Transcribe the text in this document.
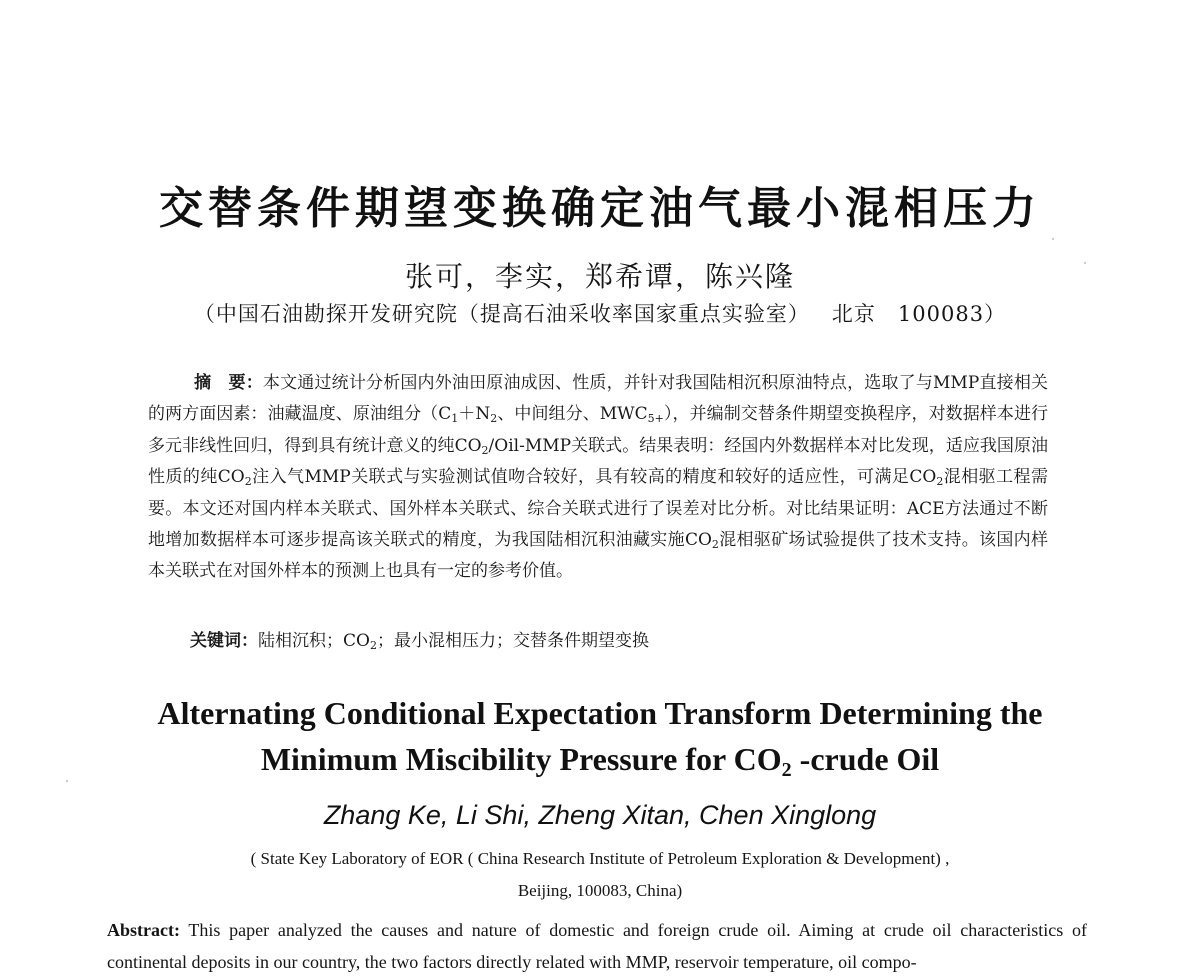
交替条件期望变换确定油气最小混相压力
张可，李实，郑希谭，陈兴隆
（中国石油勘探开发研究院（提高石油采收率国家重点实验室） 北京 100083）
摘　要：本文通过统计分析国内外油田原油成因、性质，并针对我国陆相沉积原油特点，选取了与MMP直接相关的两方面因素：油藏温度、原油组分（$C_1+N_2$、中间组分、$MWC_{5+}$），并编制交替条件期望变换程序，对数据样本进行多元非线性回归，得到具有统计意义的纯$CO_2/Oil$-MMP关联式。结果表明：经国内外数据样本对比发现，适应我国原油性质的纯$CO_2$注入气MMP关联式与实验测试值吻合较好，具有较高的精度和较好的适应性，可满足$CO_2$混相驱工程需要。本文还对国内样本关联式、国外样本关联式、综合关联式进行了误差对比分析。对比结果证明：ACE方法通过不断地增加数据样本可逐步提高该关联式的精度，为我国陆相沉积油藏实施$CO_2$混相驱矿场试验提供了技术支持。该国内样本关联式在对国外样本的预测上也具有一定的参考价值。
关键词：陆相沉积；$CO_2$；最小混相压力；交替条件期望变换
Alternating Conditional Expectation Transform Determining the
Minimum Miscibility Pressure for $CO_2$ -crude Oil
Zhang Ke, Li Shi, Zheng Xitan, Chen Xinglong
( State Key Laboratory of EOR ( China Research Institute of Petroleum Exploration & Development) ,
Beijing, 100083, China)
Abstract: This paper analyzed the causes and nature of domestic and foreign crude oil. Aiming at crude oil characteristics of continental deposits in our country, the two factors directly related with MMP, reservoir temperature, oil compo-
